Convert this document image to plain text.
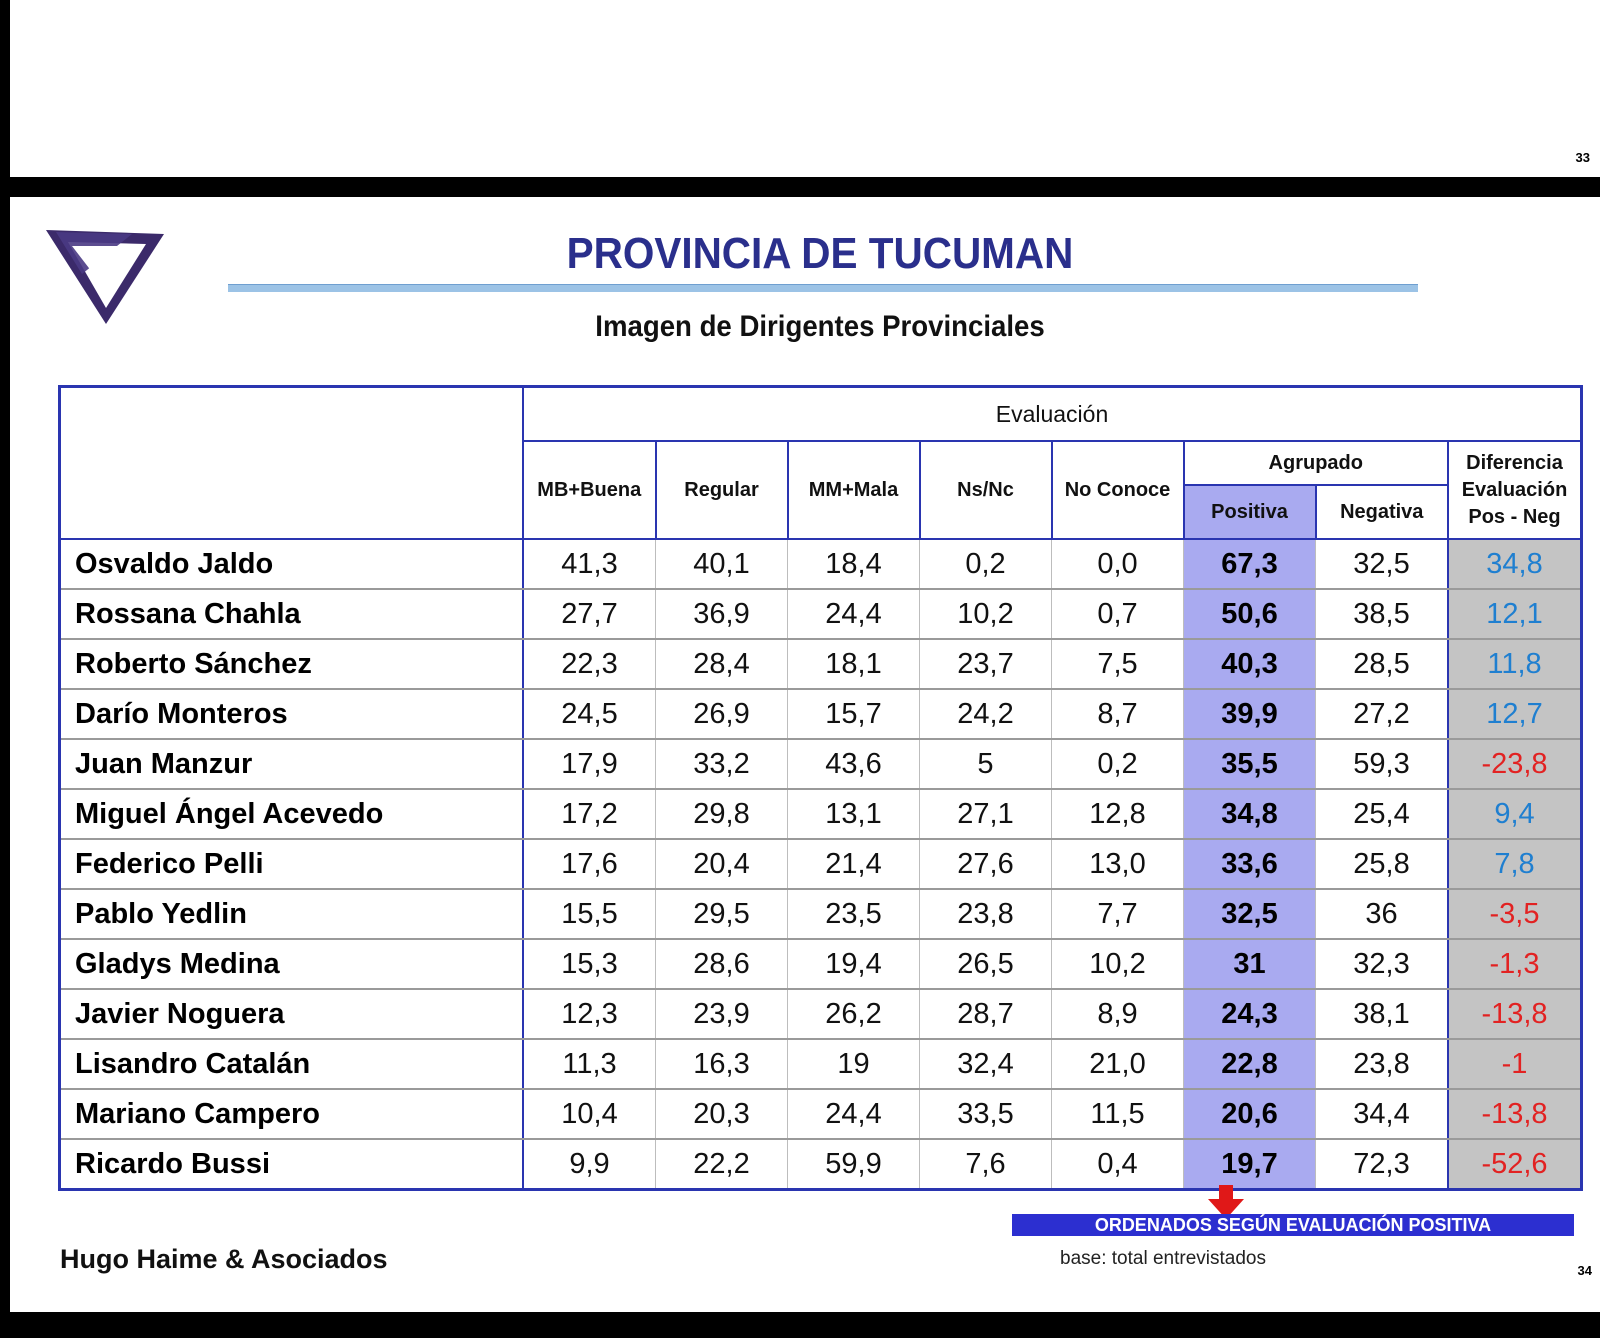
33
PROVINCIA DE TUCUMAN
Imagen de Dirigentes Provinciales
	Evaluación							
	MB+Buena	Regular	MM+Mala	Ns/Nc	No Conoce	Agrupado		Diferencia
Evaluación
Pos - Neg

						Positiva	Negativa	
Osvaldo Jaldo	41,3	40,1	18,4	0,2	0,0	67,3	32,5	34,8
Rossana Chahla	27,7	36,9	24,4	10,2	0,7	50,6	38,5	12,1
Roberto Sánchez	22,3	28,4	18,1	23,7	7,5	40,3	28,5	11,8
Darío Monteros	24,5	26,9	15,7	24,2	8,7	39,9	27,2	12,7
Juan Manzur	17,9	33,2	43,6	5	0,2	35,5	59,3	-23,8
Miguel Ángel Acevedo	17,2	29,8	13,1	27,1	12,8	34,8	25,4	9,4
Federico Pelli	17,6	20,4	21,4	27,6	13,0	33,6	25,8	7,8
Pablo Yedlin	15,5	29,5	23,5	23,8	7,7	32,5	36	-3,5
Gladys Medina	15,3	28,6	19,4	26,5	10,2	31	32,3	-1,3
Javier Noguera	12,3	23,9	26,2	28,7	8,9	24,3	38,1	-13,8
Lisandro Catalán	11,3	16,3	19	32,4	21,0	22,8	23,8	-1
Mariano Campero	10,4	20,3	24,4	33,5	11,5	20,6	34,4	-13,8
Ricardo Bussi	9,9	22,2	59,9	7,6	0,4	19,7	72,3	-52,6
ORDENADOS SEGÚN EVALUACIÓN POSITIVA
base: total entrevistados
Hugo Haime & Asociados	34
